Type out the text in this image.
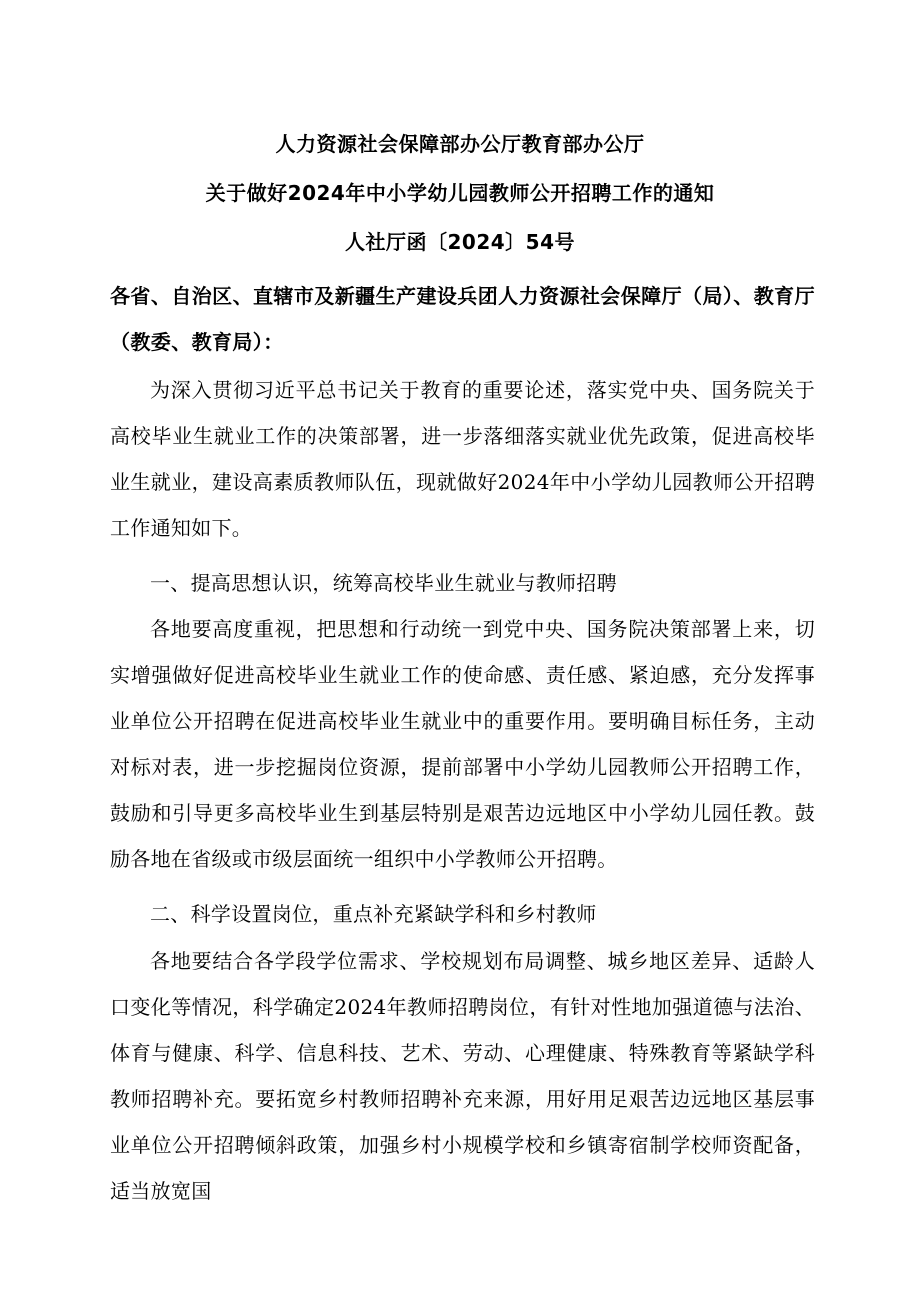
人力资源社会保障部办公厅教育部办公厅
关于做好2024年中小学幼儿园教师公开招聘工作的通知
人社厅函〔2024〕54号
各省、自治区、直辖市及新疆生产建设兵团人力资源社会保障厅（局）、教育厅（教委、教育局）：

为深入贯彻习近平总书记关于教育的重要论述，落实党中央、国务院关于高校毕业生就业工作的决策部署，进一步落细落实就业优先政策，促进高校毕业生就业，建设高素质教师队伍，现就做好2024年中小学幼儿园教师公开招聘工作通知如下。

一、提高思想认识，统筹高校毕业生就业与教师招聘

各地要高度重视，把思想和行动统一到党中央、国务院决策部署上来，切实增强做好促进高校毕业生就业工作的使命感、责任感、紧迫感，充分发挥事业单位公开招聘在促进高校毕业生就业中的重要作用。要明确目标任务，主动对标对表，进一步挖掘岗位资源，提前部署中小学幼儿园教师公开招聘工作，鼓励和引导更多高校毕业生到基层特别是艰苦边远地区中小学幼儿园任教。鼓励各地在省级或市级层面统一组织中小学教师公开招聘。

二、科学设置岗位，重点补充紧缺学科和乡村教师

各地要结合各学段学位需求、学校规划布局调整、城乡地区差异、适龄人口变化等情况，科学确定2024年教师招聘岗位，有针对性地加强道德与法治、体育与健康、科学、信息科技、艺术、劳动、心理健康、特殊教育等紧缺学科教师招聘补充。要拓宽乡村教师招聘补充来源，用好用足艰苦边远地区基层事业单位公开招聘倾斜政策，加强乡村小规模学校和乡镇寄宿制学校师资配备，适当放宽国
